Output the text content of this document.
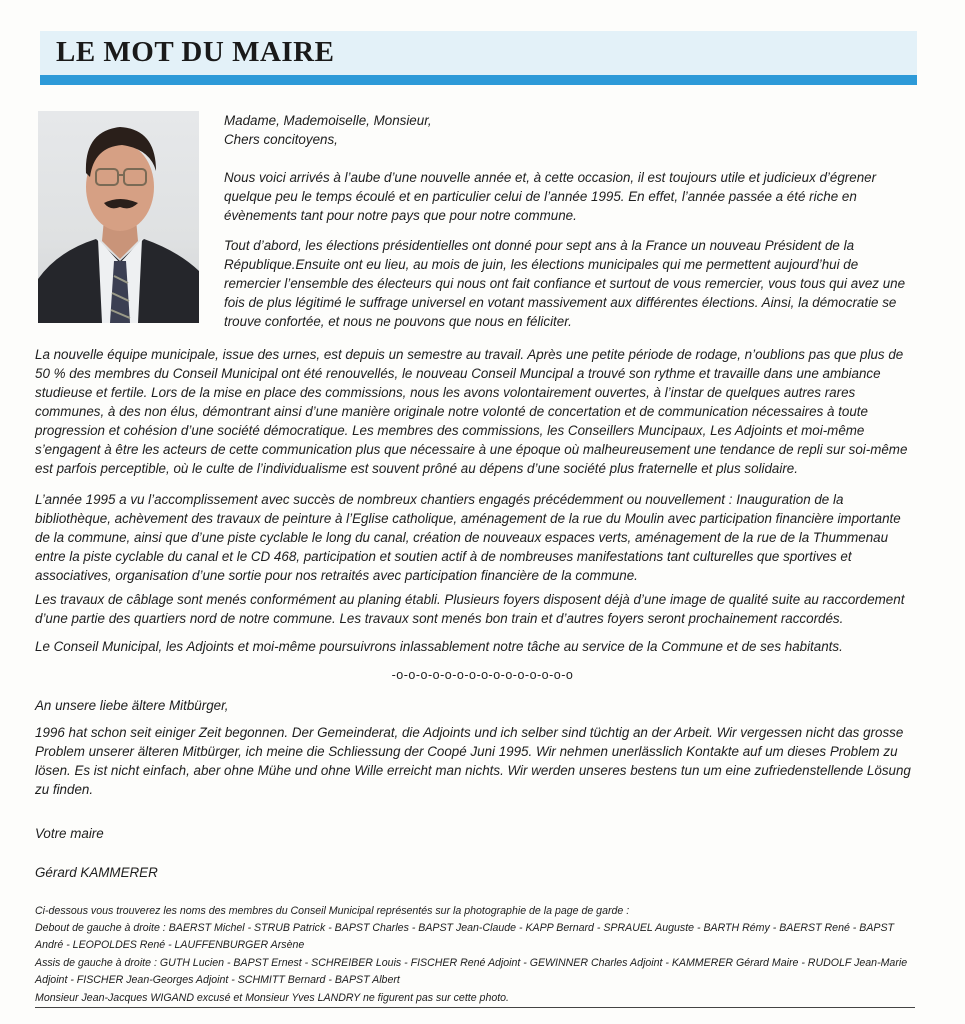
LE MOT DU MAIRE

Madame, Mademoiselle, Monsieur,

Chers concitoyens,

Nous voici arrivés à l’aube d’une nouvelle année et, à cette occasion, il est toujours utile et judicieux d’égrener quelque peu le temps écoulé et en particulier celui de l’année 1995. En effet, l’année passée a été riche en évènements tant pour notre pays que pour notre commune.

Tout d’abord, les élections présidentielles ont donné pour sept ans à la France un nouveau Président de la République.Ensuite ont eu lieu, au mois de juin, les élections municipales qui me permettent aujourd’hui de remercier l’ensemble des électeurs qui nous ont fait confiance et surtout de vous remercier, vous tous qui avez une fois de plus légitimé le suffrage universel en votant massivement aux différentes élections. Ainsi, la démocratie se trouve confortée, et nous ne pouvons que nous en féliciter.

La nouvelle équipe municipale, issue des urnes, est depuis un semestre au travail. Après une petite période de rodage, n’oublions pas que plus de 50 % des membres du Conseil Municipal ont été renouvellés, le nouveau Conseil Muncipal a trouvé son rythme et travaille dans une ambiance studieuse et fertile. Lors de la mise en place des commissions, nous les avons volontairement ouvertes, à l’instar de quelques autres rares communes, à des non élus, démontrant ainsi d’une manière originale notre volonté de concertation et de communication nécessaires à toute progression et cohésion d’une société démocratique. Les membres des commissions, les Conseillers Muncipaux, Les Adjoints et moi-même s’engagent à être les acteurs de cette communication plus que nécessaire à une époque où malheureusement une tendance de repli sur soi-même est parfois perceptible, où le culte de l’individualisme est souvent prôné au dépens d’une société plus fraternelle et plus solidaire.

L’année 1995 a vu l’accomplissement avec succès de nombreux chantiers engagés précédemment ou nouvellement : Inauguration de la bibliothèque, achèvement des travaux de peinture à l’Eglise catholique, aménagement de la rue du Moulin avec participation financière importante de la commune, ainsi que d’une piste cyclable le long du canal, création de nouveaux espaces verts, aménagement de la rue de la Thummenau entre la piste cyclable du canal et le CD 468, participation et soutien actif à de nombreuses manifestations tant culturelles que sportives et associatives, organisation d’une sortie pour nos retraités avec participation financière de la commune.

Les travaux de câblage sont menés conformément au planing établi. Plusieurs foyers disposent déjà d’une image de qualité suite au raccordement d’une partie des quartiers nord de notre commune. Les travaux sont menés bon train et d’autres foyers seront prochainement raccordés.

Le Conseil Municipal, les Adjoints et moi-même poursuivrons inlassablement notre tâche au service de la Commune et de ses habitants.

-o-o-o-o-o-o-o-o-o-o-o-o-o-o-o

An unsere liebe ältere Mitbürger,

1996 hat schon seit einiger Zeit begonnen. Der Gemeinderat, die Adjoints und ich selber sind tüchtig an der Arbeit. Wir vergessen nicht das grosse Problem unserer älteren Mitbürger, ich meine die Schliessung der Coopé Juni 1995. Wir nehmen unerlässlich Kontakte auf um dieses Problem zu lösen. Es ist nicht einfach, aber ohne Mühe und ohne Wille erreicht man nichts. Wir werden unseres bestens tun um eine zufriedenstellende Lösung zu finden.

Votre maire

Gérard KAMMERER

Ci-dessous vous trouverez les noms des membres du Conseil Municipal représentés sur la photographie de la page de garde :

Debout de gauche à droite : BAERST Michel - STRUB Patrick - BAPST Charles - BAPST Jean-Claude - KAPP Bernard - SPRAUEL Auguste - BARTH Rémy - BAERST René - BAPST André - LEOPOLDES René - LAUFFENBURGER Arsène

Assis de gauche à droite : GUTH Lucien - BAPST Ernest - SCHREIBER Louis - FISCHER René Adjoint - GEWINNER Charles Adjoint - KAMMERER Gérard Maire - RUDOLF Jean-Marie Adjoint - FISCHER Jean-Georges Adjoint - SCHMITT Bernard - BAPST Albert

Monsieur Jean-Jacques WIGAND excusé et Monsieur Yves LANDRY ne figurent pas sur cette photo.
